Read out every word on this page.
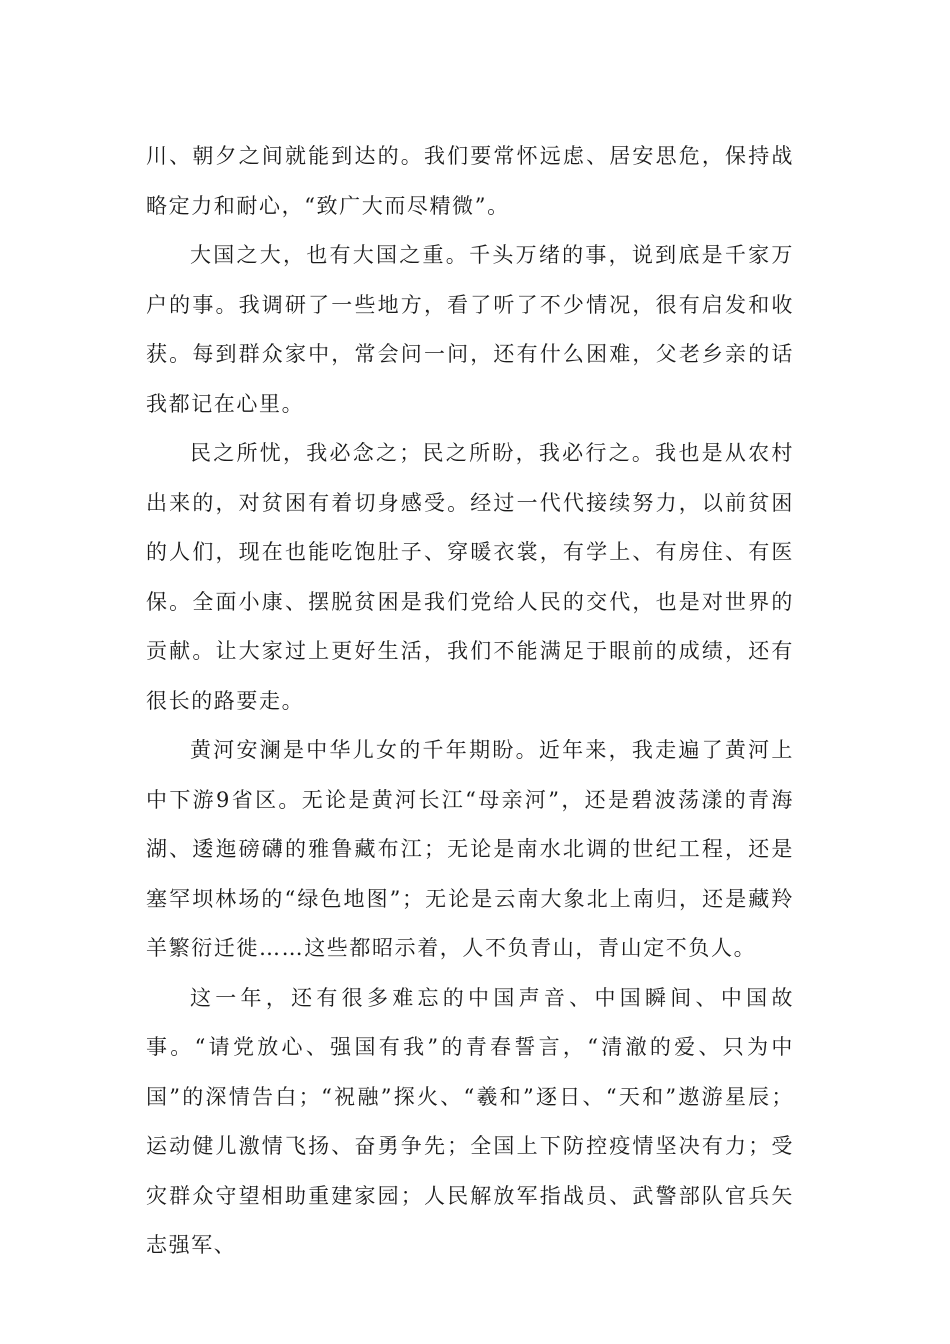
川、朝夕之间就能到达的。我们要常怀远虑、居安思危，保持战略定力和耐心，“致广大而尽精微”。

大国之大，也有大国之重。千头万绪的事，说到底是千家万户的事。我调研了一些地方，看了听了不少情况，很有启发和收获。每到群众家中，常会问一问，还有什么困难，父老乡亲的话我都记在心里。

民之所忧，我必念之；民之所盼，我必行之。我也是从农村出来的，对贫困有着切身感受。经过一代代接续努力，以前贫困的人们，现在也能吃饱肚子、穿暖衣裳，有学上、有房住、有医保。全面小康、摆脱贫困是我们党给人民的交代，也是对世界的贡献。让大家过上更好生活，我们不能满足于眼前的成绩，还有很长的路要走。

黄河安澜是中华儿女的千年期盼。近年来，我走遍了黄河上中下游9省区。无论是黄河长江“母亲河”，还是碧波荡漾的青海湖、逶迤磅礴的雅鲁藏布江；无论是南水北调的世纪工程，还是塞罕坝林场的“绿色地图”；无论是云南大象北上南归，还是藏羚羊繁衍迁徙……这些都昭示着，人不负青山，青山定不负人。

这一年，还有很多难忘的中国声音、中国瞬间、中国故事。“请党放心、强国有我”的青春誓言，“清澈的爱、只为中国”的深情告白；“祝融”探火、“羲和”逐日、“天和”遨游星辰；运动健儿激情飞扬、奋勇争先；全国上下防控疫情坚决有力；受灾群众守望相助重建家园；人民解放军指战员、武警部队官兵矢志强军、
